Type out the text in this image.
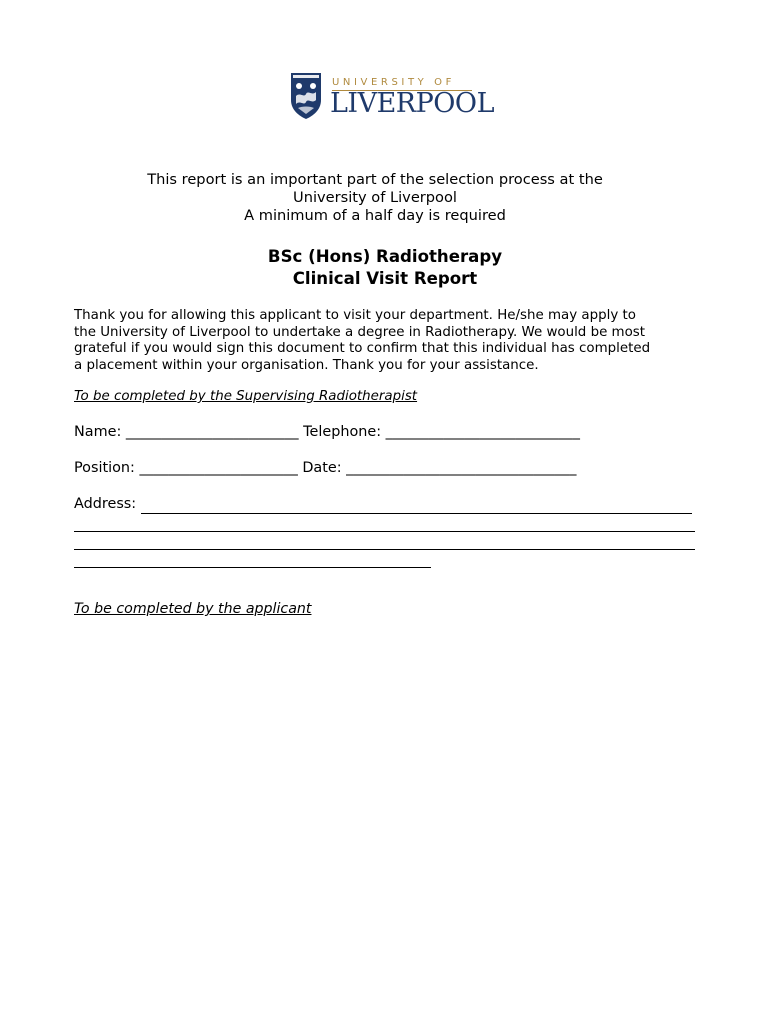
UNIVERSITY OF
LIVERPOOL
This report is an important part of the selection process at the
University of Liverpool
A minimum of a half day is required
BSc (Hons) Radiotherapy
Clinical Visit Report
Thank you for allowing this applicant to visit your department. He/she may apply to
the University of Liverpool to undertake a degree in Radiotherapy. We would be most
grateful if you would sign this document to confirm that this individual has completed
a placement within your organisation. Thank you for your assistance.
To be completed by the Supervising Radiotherapist
Name: ________________________ Telephone: ___________________________
Position: ______________________ Date: ________________________________
Address:
To be completed by the applicant
